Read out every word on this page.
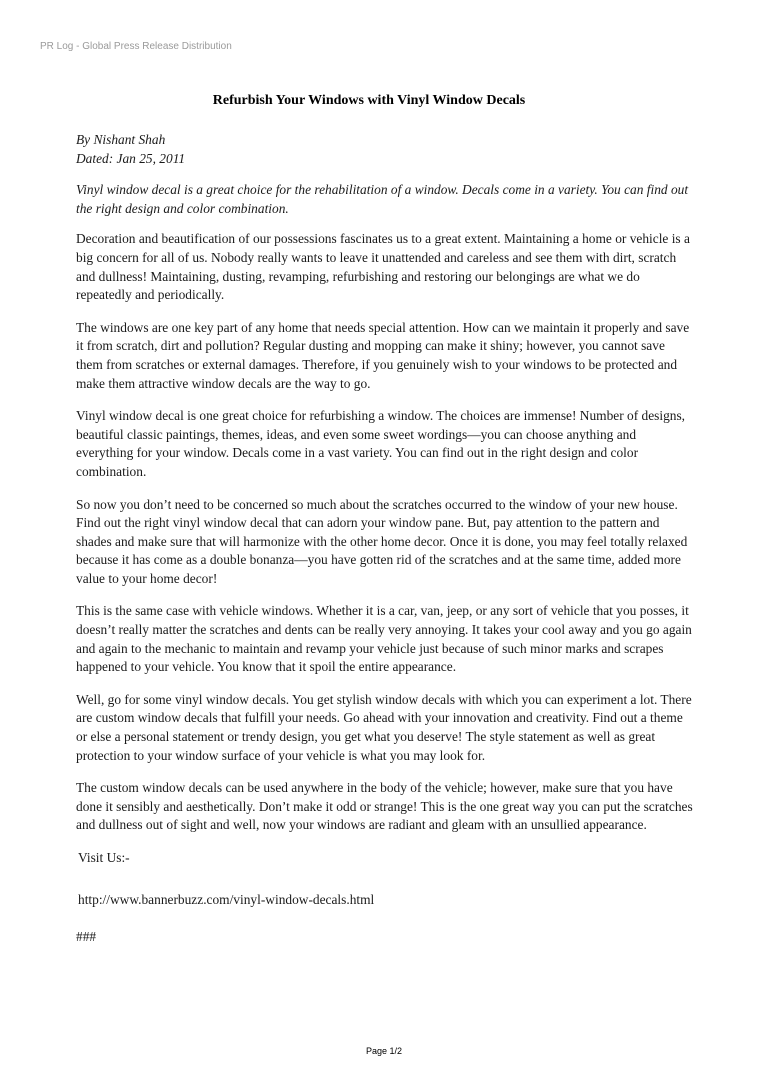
PR Log - Global Press Release Distribution
Refurbish Your Windows with Vinyl Window Decals

By Nishant Shah

Dated: Jan 25, 2011

Vinyl window decal is a great choice for the rehabilitation of a window. Decals come in a variety. You can find out the right design and color combination.

Decoration and beautification of our possessions fascinates us to a great extent. Maintaining a home or vehicle is a big concern for all of us. Nobody really wants to leave it unattended and careless and see them with dirt, scratch and dullness! Maintaining, dusting, revamping, refurbishing and restoring our belongings are what we do repeatedly and periodically.

The windows are one key part of any home that needs special attention. How can we maintain it properly and save it from scratch, dirt and pollution? Regular dusting and mopping can make it shiny; however, you cannot save them from scratches or external damages. Therefore, if you genuinely wish to your windows to be protected and make them attractive window decals are the way to go.

Vinyl window decal is one great choice for refurbishing a window. The choices are immense! Number of designs, beautiful classic paintings, themes, ideas, and even some sweet wordings—you can choose anything and everything for your window. Decals come in a vast variety. You can find out in the right design and color combination.

So now you don’t need to be concerned so much about the scratches occurred to the window of your new house. Find out the right vinyl window decal that can adorn your window pane. But, pay attention to the pattern and shades and make sure that will harmonize with the other home decor. Once it is done, you may feel totally relaxed because it has come as a double bonanza—you have gotten rid of the scratches and at the same time, added more value to your home decor!

This is the same case with vehicle windows. Whether it is a car, van, jeep, or any sort of vehicle that you posses, it doesn’t really matter the scratches and dents can be really very annoying. It takes your cool away and you go again and again to the mechanic to maintain and revamp your vehicle just because of such minor marks and scrapes happened to your vehicle. You know that it spoil the entire appearance.

Well, go for some vinyl window decals. You get stylish window decals with which you can experiment a lot. There are custom window decals that fulfill your needs. Go ahead with your innovation and creativity. Find out a theme or else a personal statement or trendy design, you get what you deserve! The style statement as well as great protection to your window surface of your vehicle is what you may look for.

The custom window decals can be used anywhere in the body of the vehicle; however, make sure that you have done it sensibly and aesthetically. Don’t make it odd or strange! This is the one great way you can put the scratches and dullness out of sight and well, now your windows are radiant and gleam with an unsullied appearance.

Visit Us:-

http://www.bannerbuzz.com/vinyl-window-decals.html

###

Page 1/2
